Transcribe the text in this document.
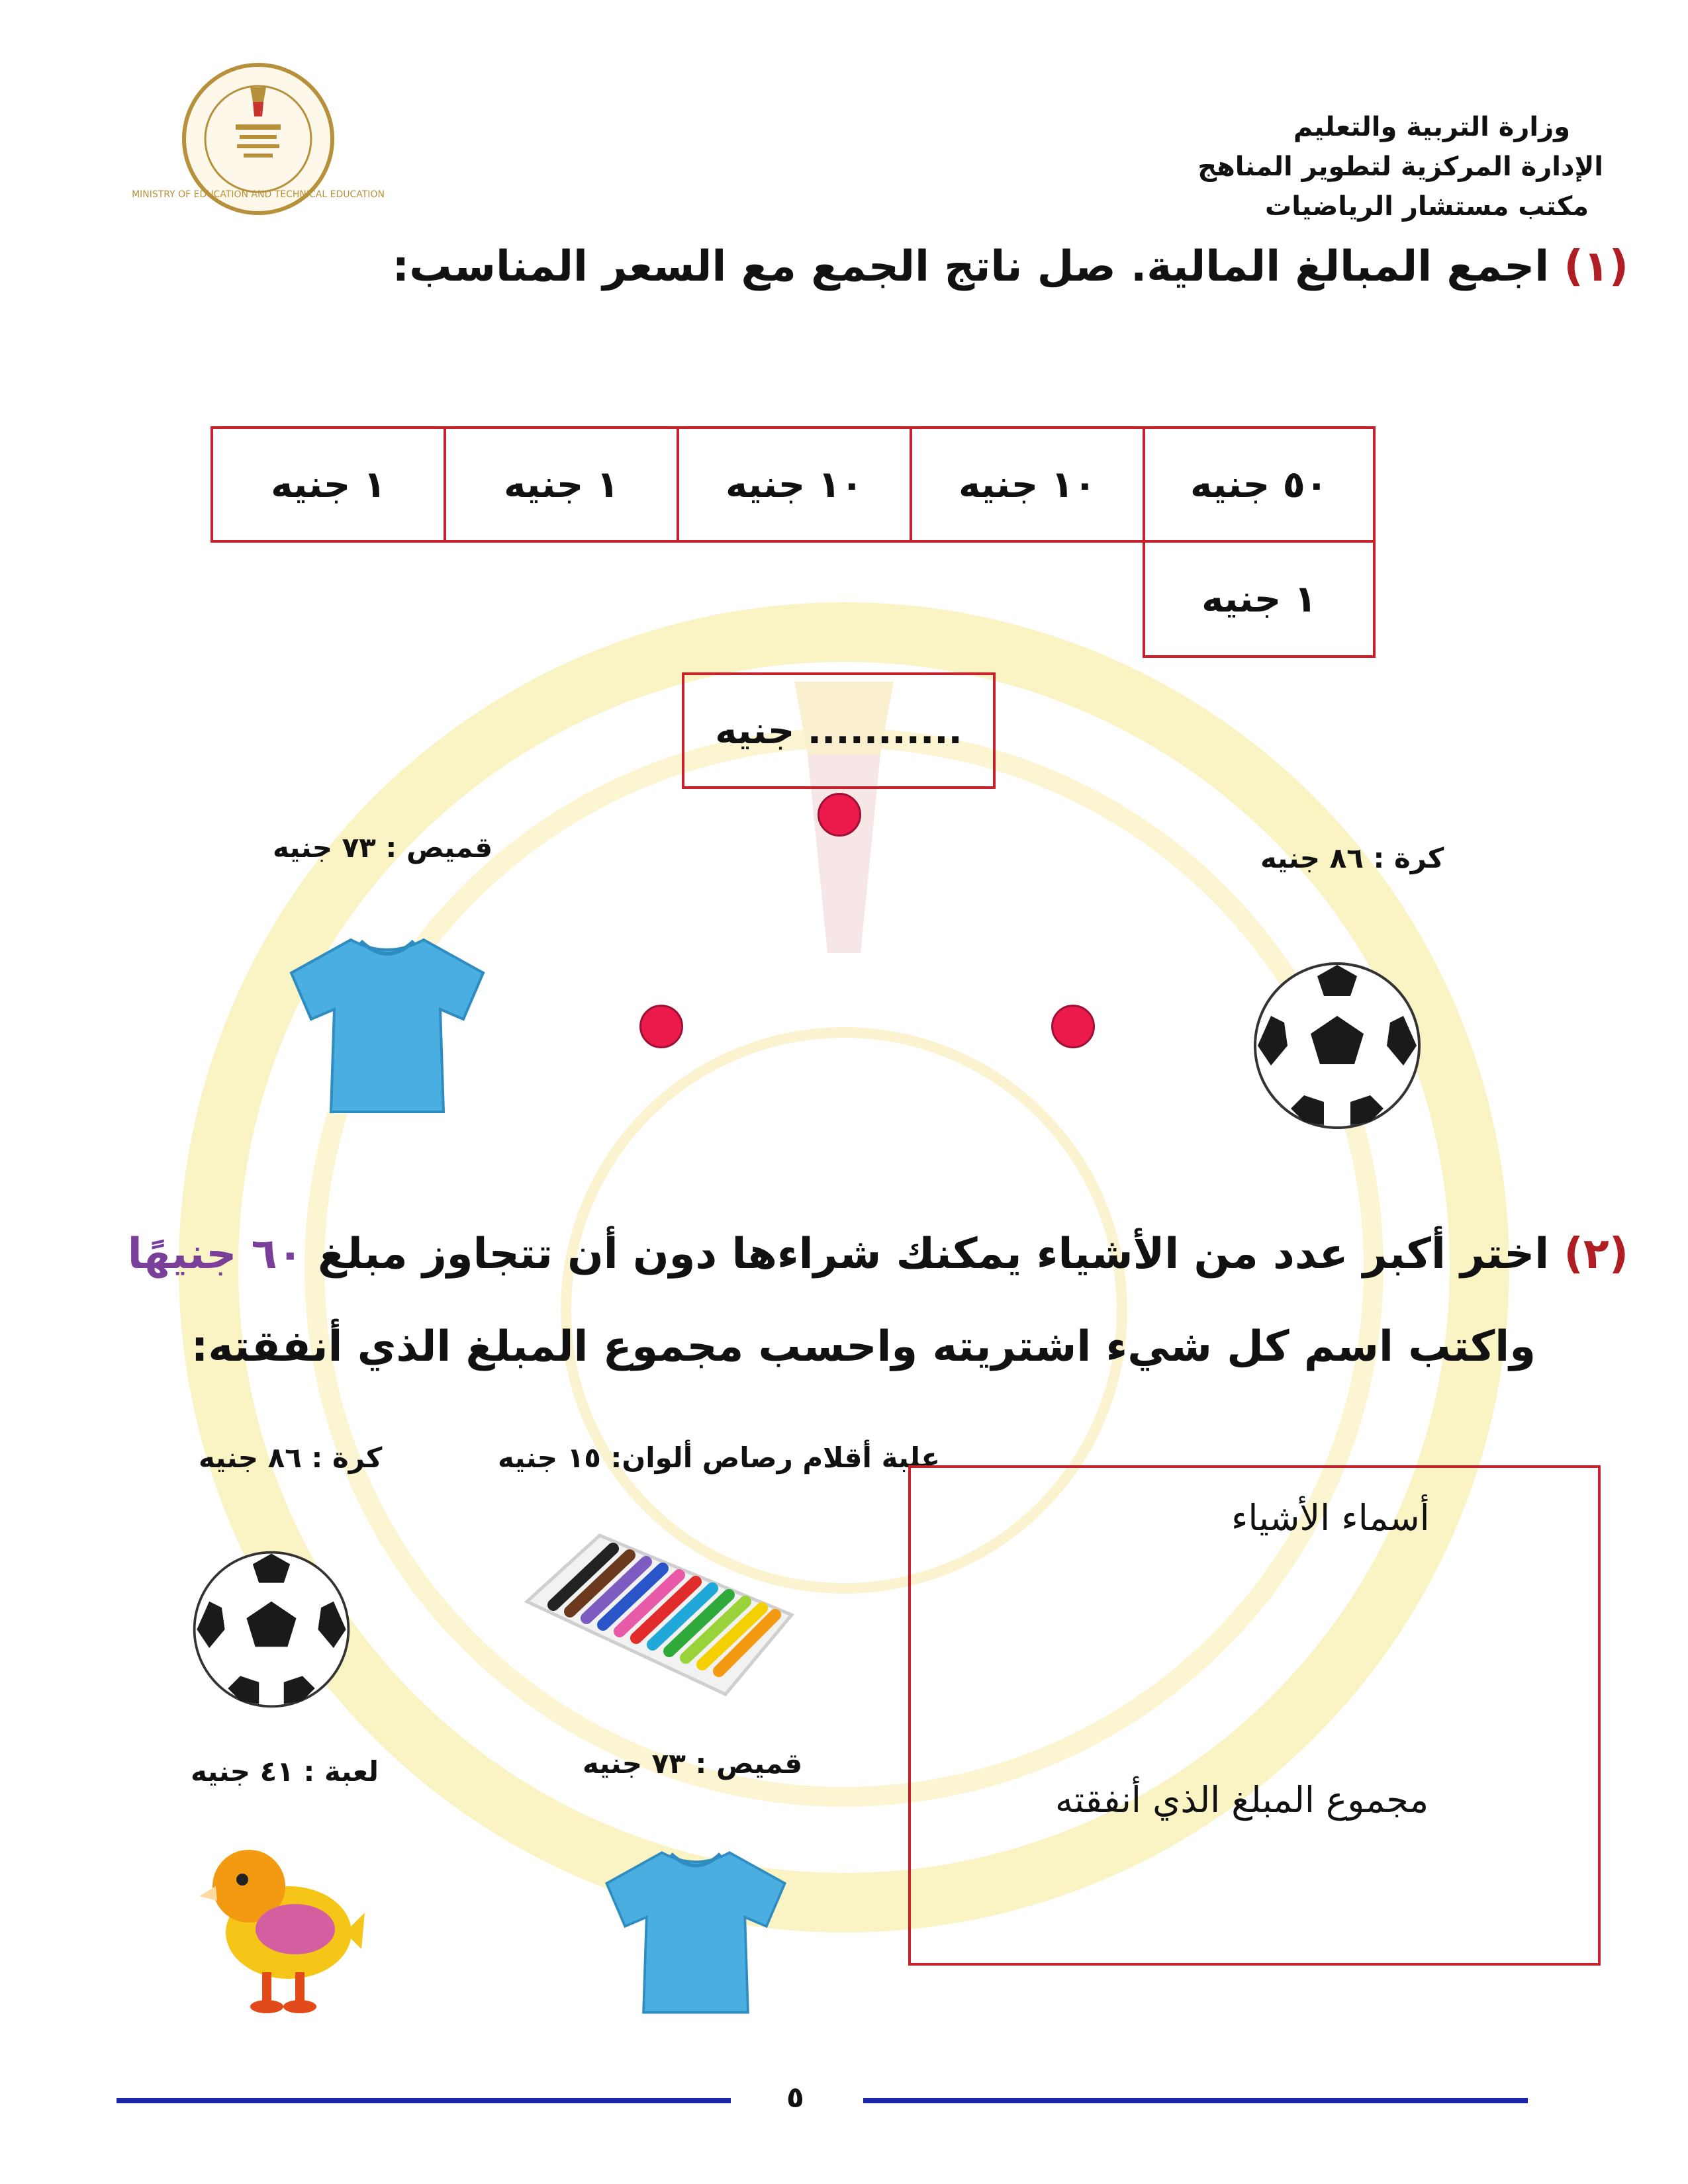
MINISTRY OF EDUCATION AND TECHNICAL EDUCATION
وزارة التربية والتعليم
الإدارة المركزية لتطوير المناهج
مكتب مستشار الرياضيات
(١) اجمع المبالغ المالية. صل ناتج الجمع مع السعر المناسب:
٥٠ جنيه
١٠ جنيه
١٠ جنيه
١ جنيه
١ جنيه
١ جنيه
........... جنيه
قميص : ٧٣ جنيه	كرة : ٨٦ جنيه
(٢) اختر أكبر عدد من الأشياء يمكنك شراءها دون أن تتجاوز مبلغ ٦٠ جنيهًا
واكتب اسم كل شيء اشتريته واحسب مجموع المبلغ الذي أنفقته:
كرة : ٨٦ جنيه	علبة أقلام رصاص ألوان: ١٥ جنيه
لعبة : ٤١ جنيه	قميص : ٧٣ جنيه
أسماء الأشياء
مجموع المبلغ الذي أنفقته
٥
